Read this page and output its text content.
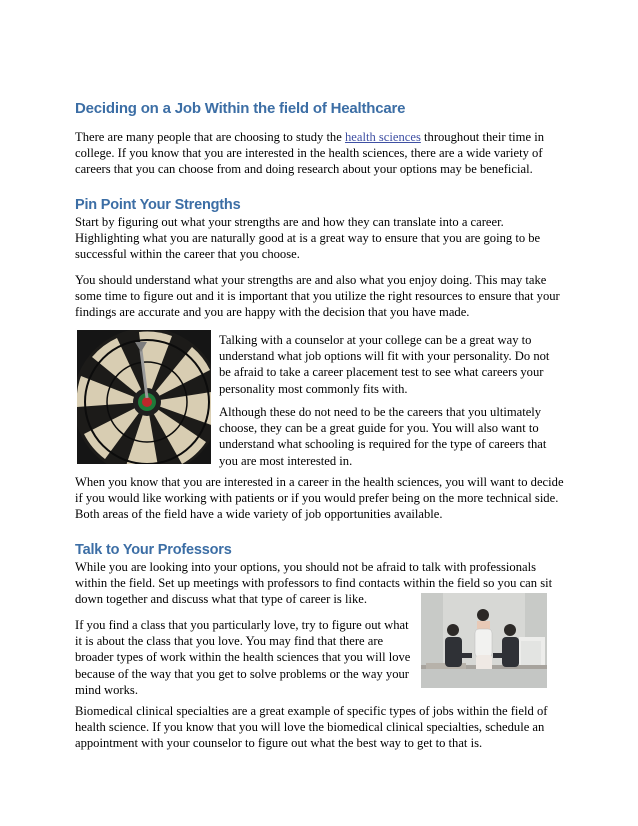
Deciding on a Job Within the field of Healthcare

There are many people that are choosing to study the health sciences throughout their time in college. If you know that you are interested in the health sciences, there are a wide variety of careers that you can choose from and doing research about your options may be beneficial.

Pin Point Your Strengths

Start by figuring out what your strengths are and how they can translate into a career. Highlighting what you are naturally good at is a great way to ensure that you are going to be successful within the career that you choose.

You should understand what your strengths are and also what you enjoy doing. This may take some time to figure out and it is important that you utilize the right resources to ensure that your findings are accurate and you are happy with the decision that you have made.

Talking with a counselor at your college can be a great way to understand what job options will fit with your personality. Do not be afraid to take a career placement test to see what careers your personality most commonly fits with.

Although these do not need to be the careers that you ultimately choose, they can be a great guide for you. You will also want to understand what schooling is required for the type of careers that you are most interested in.

When you know that you are interested in a career in the health sciences, you will want to decide if you would like working with patients or if you would prefer being on the more technical side. Both areas of the field have a wide variety of job opportunities available.

Talk to Your Professors

While you are looking into your options, you should not be afraid to talk with professionals within the field. Set up meetings with professors to find contacts within the field so you can sit down together and discuss what that type of career is like.

If you find a class that you particularly love, try to figure out what it is about the class that you love. You may find that there are broader types of work within the health sciences that you will love because of the way that you get to solve problems or the way your mind works.

Biomedical clinical specialties are a great example of specific types of jobs within the field of health science. If you know that you will love the biomedical clinical specialties, schedule an appointment with your counselor to figure out what the best way to get to that is.
